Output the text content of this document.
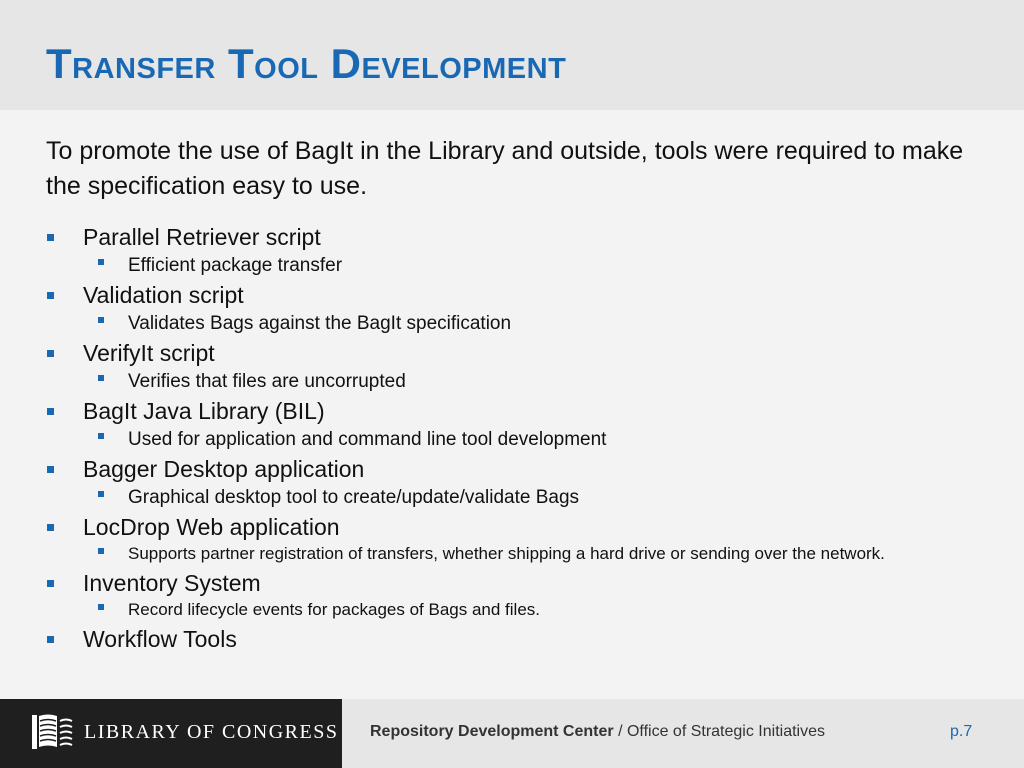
Transfer Tool Development
To promote the use of BagIt in the Library and outside, tools were required to make the specification easy to use.
Parallel Retriever script
Efficient package transfer
Validation script
Validates Bags against the BagIt specification
VerifyIt script
Verifies that files are uncorrupted
BagIt Java Library (BIL)
Used for application and command line tool development
Bagger Desktop application
Graphical desktop tool to create/update/validate Bags
LocDrop Web application
Supports partner registration of transfers, whether shipping a hard drive or sending over the network.
Inventory System
Record lifecycle events for packages of Bags and files.
Workflow Tools
LIBRARY OF CONGRESS Repository Development Center / Office of Strategic Initiatives	p.7
